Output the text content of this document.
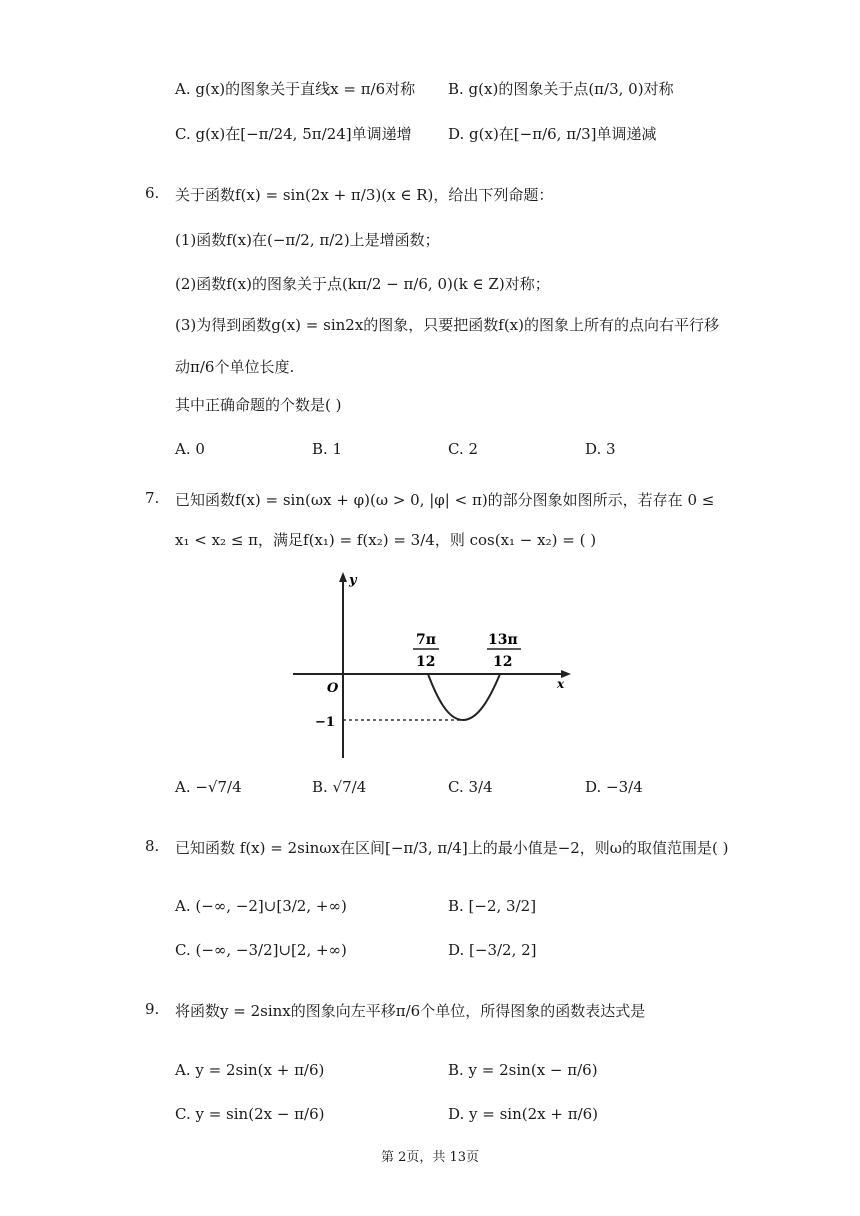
A. g(x)的图象关于直线x = π/6对称 B. g(x)的图象关于点(π/3, 0)对称
C. g(x)在[−π/24, 5π/24]单调递增 D. g(x)在[−π/6, π/3]单调递减
6. 关于函数f(x) = sin(2x + π/3)(x ∈ R)，给出下列命题：
(1)函数f(x)在(−π/2, π/2)上是增函数；
(2)函数f(x)的图象关于点(kπ/2 − π/6, 0)(k ∈ Z)对称；
(3)为得到函数g(x) = sin2x的图象，只要把函数f(x)的图象上所有的点向右平行移
动π/6个单位长度.
其中正确命题的个数是( )
A. 0	B. 1	C. 2	D. 3
7. 已知函数f(x) = sin(ωx + φ)(ω > 0, |φ| < π)的部分图象如图所示，若存在 0 ≤
x₁ < x₂ ≤ π，满足f(x₁) = f(x₂) = 3/4，则 cos(x₁ − x₂) = ( )
y
x
O
−1
7π
12
13π
12
A. −√7/4	B. √7/4	C. 3/4	D. −3/4
8. 已知函数 f(x) = 2sinωx在区间[−π/3, π/4]上的最小值是−2，则ω的取值范围是( )
A. (−∞, −2]∪[3/2, +∞)	B. [−2, 3/2]
C. (−∞, −3/2]∪[2, +∞)	D. [−3/2, 2]
9. 将函数y = 2sinx的图象向左平移π/6个单位，所得图象的函数表达式是
A. y = 2sin(x + π/6)	B. y = 2sin(x − π/6)
C. y = sin(2x − π/6)	D. y = sin(2x + π/6)
第 2页，共 13页
